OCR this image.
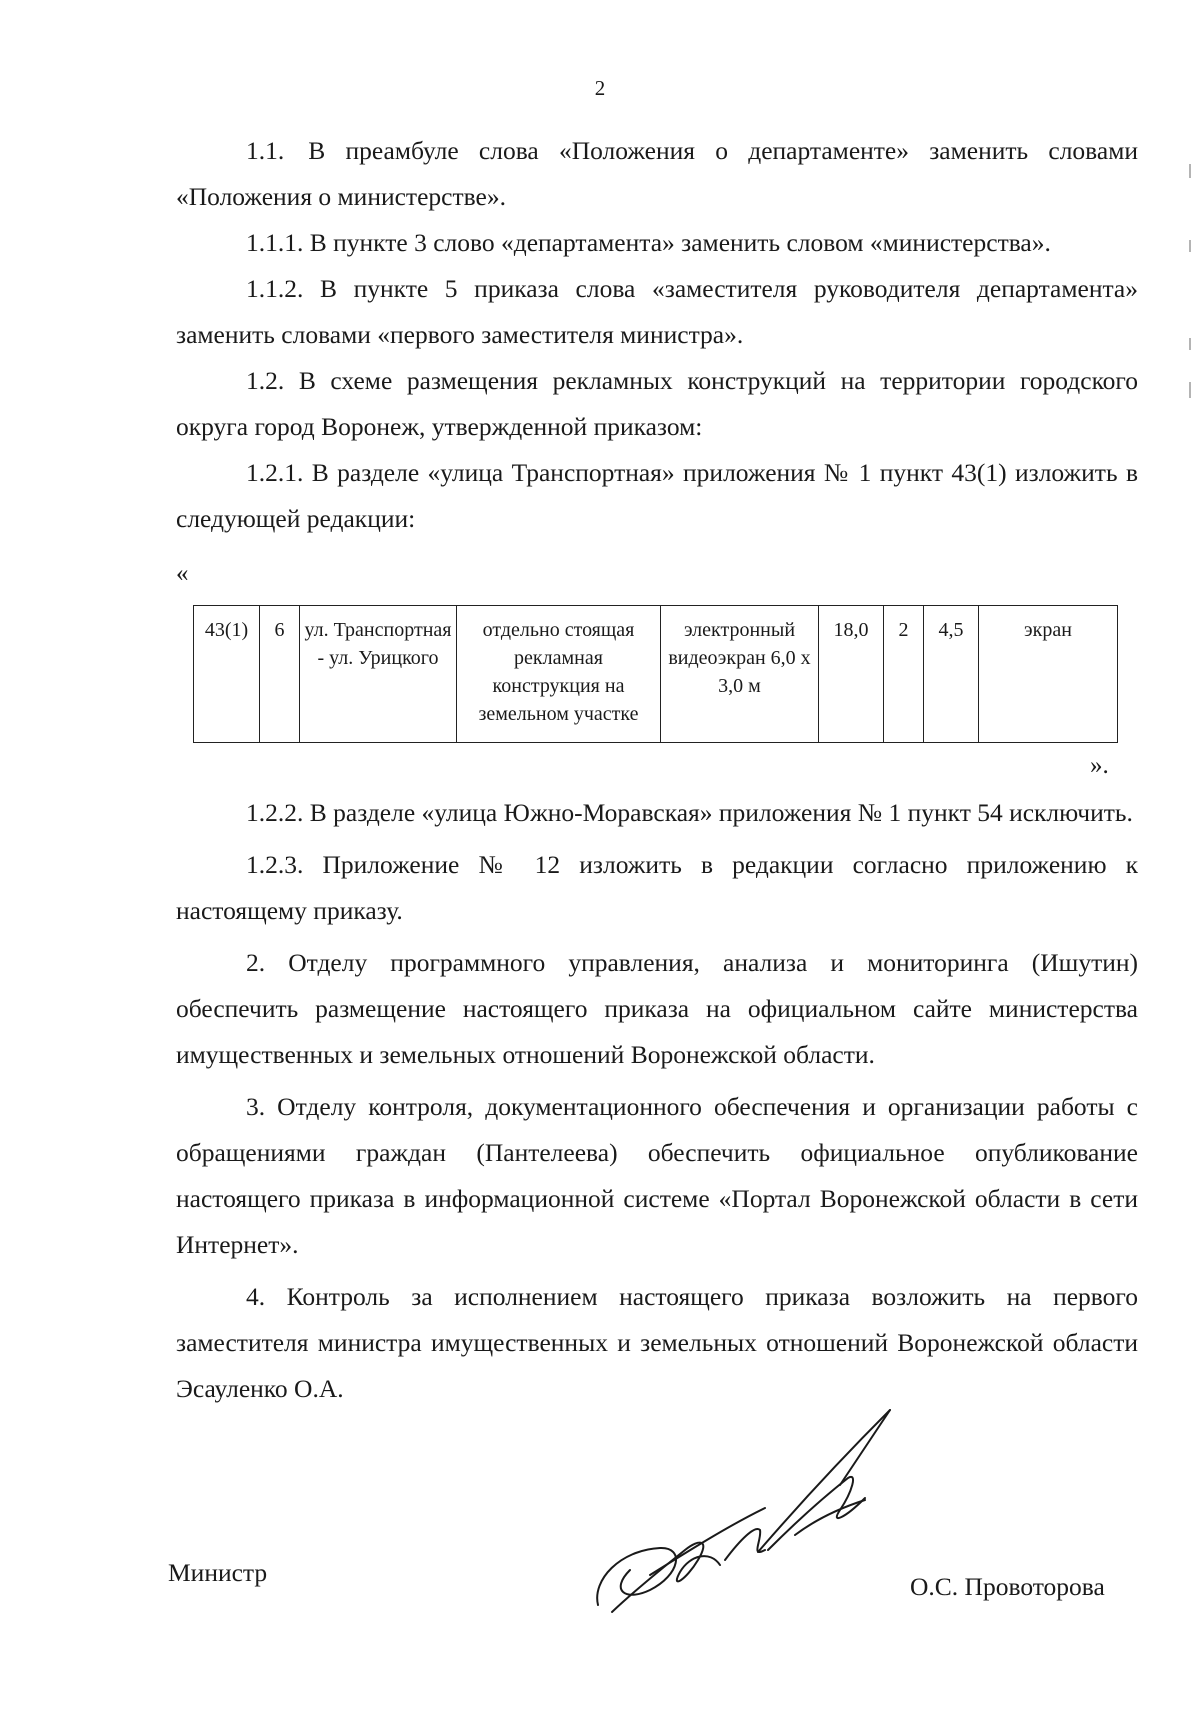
2

1.1. В преамбуле слова «Положения о департаменте» заменить словами «Положения о министерстве».

1.1.1. В пункте 3 слово «департамента» заменить словом «министерства».

1.1.2. В пункте 5 приказа слова «заместителя руководителя департамента» заменить словами «первого заместителя министра».

1.2. В схеме размещения рекламных конструкций на территории городского округа город Воронеж, утвержденной приказом:

1.2.1. В разделе «улица Транспортная» приложения № 1 пункт 43(1) изложить в следующей редакции:

«
43(1)	6	ул. Транспортная - ул. Урицкого	отдельно стоящая рекламная конструкция на земельном участке	электронный видеоэкран 6,0 х 3,0 м	18,0	2	4,5	экран
».

1.2.2. В разделе «улица Южно-Моравская» приложения № 1 пункт 54 исключить.

1.2.3. Приложение № 12 изложить в редакции согласно приложению к настоящему приказу.

2. Отделу программного управления, анализа и мониторинга (Ишутин) обеспечить размещение настоящего приказа на официальном сайте министерства имущественных и земельных отношений Воронежской области.

3. Отделу контроля, документационного обеспечения и организации работы с обращениями граждан (Пантелеева) обеспечить официальное опубликование настоящего приказа в информационной системе «Портал Воронежской области в сети Интернет».

4. Контроль за исполнением настоящего приказа возложить на первого заместителя министра имущественных и земельных отношений Воронежской области Эсауленко О.А.

Министр	О.С. Провоторова
